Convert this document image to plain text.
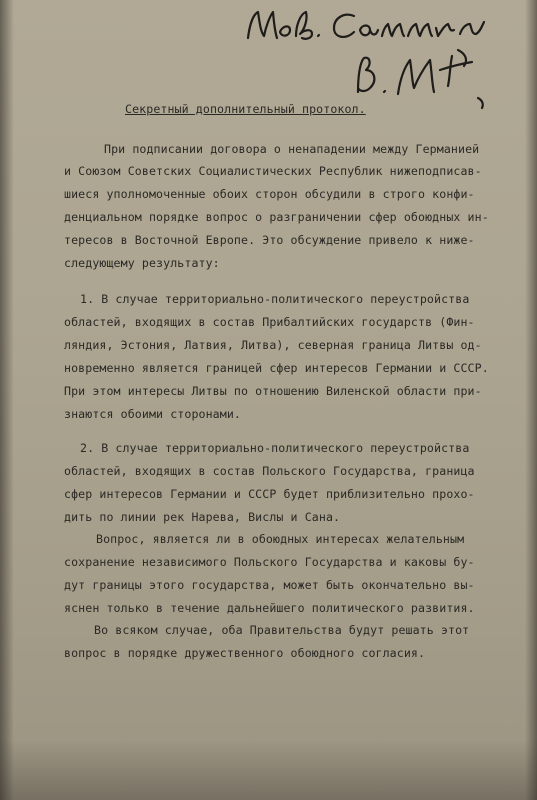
Секретный дополнительный протокол.
При подписании договора о ненападении между Германией
и Союзом Советских Социалистических Республик нижеподписав-
шиеся уполномоченные обоих сторон обсудили в строго конфи-
денциальном порядке вопрос о разграничении сфер обоюдных ин-
тересов в Восточной Европе. Это обсуждение привело к ниже-
следующему результату:
1. В случае территориально-политического переустройства
областей, входящих в состав Прибалтийских государств (Фин-
ляндия, Эстония, Латвия, Литва), северная граница Литвы од-
новременно является границей сфер интересов Германии и СССР.
При этом интересы Литвы по отношению Виленской области при-
знаются обоими сторонами.
2. В случае территориально-политического переустройства
областей, входящих в состав Польского Государства, граница
сфер интересов Германии и СССР будет приблизительно прохо-
дить по линии рек Нарева, Вислы и Сана.
Вопрос, является ли в обоюдных интересах желательным
сохранение независимого Польского Государства и каковы бу-
дут границы этого государства, может быть окончательно вы-
яснен только в течение дальнейшего политического развития.
Во всяком случае, оба Правительства будут решать этот
вопрос в порядке дружественного обоюдного согласия.
